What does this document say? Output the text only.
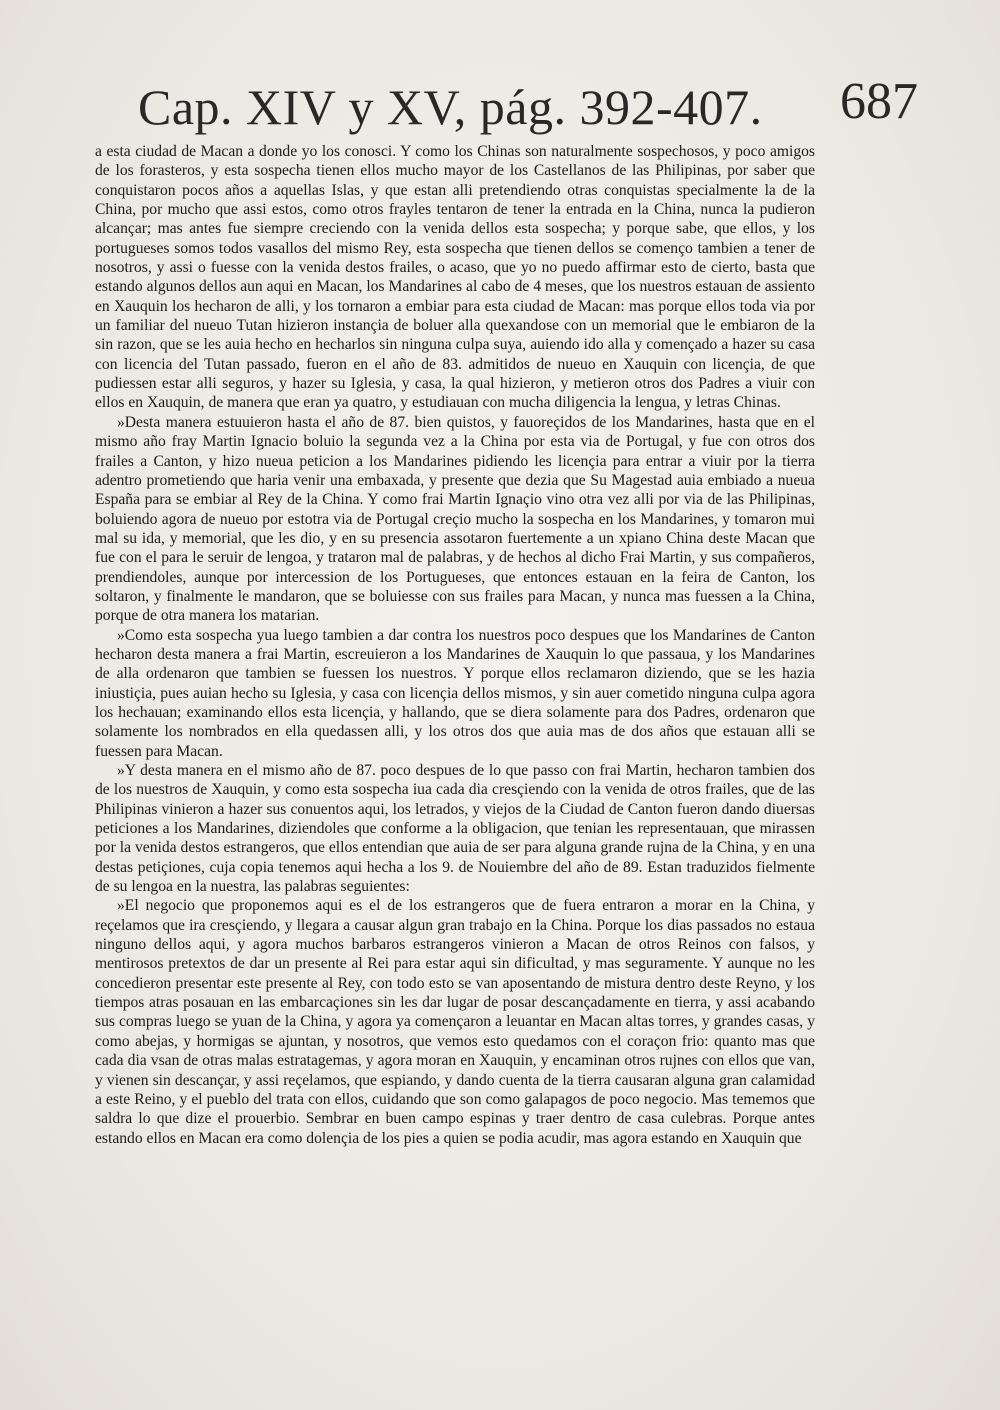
Cap. XIV y XV, pág. 392-407. 687

a esta ciudad de Macan a donde yo los conosci. Y como los Chinas son naturalmente sospechosos, y poco amigos de los forasteros, y esta sospecha tienen ellos mucho mayor de los Castellanos de las Philipinas, por saber que conquistaron pocos años a aquellas Islas, y que estan alli pretendiendo otras conquistas specialmente la de la China, por mucho que assi estos, como otros frayles tentaron de tener la entrada en la China, nunca la pudieron alcançar; mas antes fue siempre creciendo con la venida dellos esta sospecha; y porque sabe, que ellos, y los portugueses somos todos vasallos del mismo Rey, esta sospecha que tienen dellos se començo tambien a tener de nosotros, y assi o fuesse con la venida destos frailes, o acaso, que yo no puedo affirmar esto de cierto, basta que estando algunos dellos aun aqui en Macan, los Mandarines al cabo de 4 meses, que los nuestros estauan de assiento en Xauquin los hecharon de alli, y los tornaron a embiar para esta ciudad de Macan: mas porque ellos toda via por un familiar del nueuo Tutan hizieron instançia de boluer alla quexandose con un memorial que le embiaron de la sin razon, que se les auia hecho en hecharlos sin ninguna culpa suya, auiendo ido alla y començado a hazer su casa con licencia del Tutan passado, fueron en el año de 83. admitidos de nueuo en Xauquin con licençia, de que pudiessen estar alli seguros, y hazer su Iglesia, y casa, la qual hizieron, y metieron otros dos Padres a viuir con ellos en Xauquin, de manera que eran ya quatro, y estudiauan con mucha diligencia la lengua, y letras Chinas.

»Desta manera estuuieron hasta el año de 87. bien quistos, y fauoreçidos de los Mandarines, hasta que en el mismo año fray Martin Ignacio boluio la segunda vez a la China por esta via de Portugal, y fue con otros dos frailes a Canton, y hizo nueua peticion a los Mandarines pidiendo les licençia para entrar a viuir por la tierra adentro prometiendo que haria venir una embaxada, y presente que dezia que Su Magestad auia embiado a nueua España para se embiar al Rey de la China. Y como frai Martin Ignaçio vino otra vez alli por via de las Philipinas, boluiendo agora de nueuo por estotra via de Portugal creçio mucho la sospecha en los Mandarines, y tomaron mui mal su ida, y memorial, que les dio, y en su presencia assotaron fuertemente a un xpiano China deste Macan que fue con el para le seruir de lengoa, y trataron mal de palabras, y de hechos al dicho Frai Martin, y sus compañeros, prendiendoles, aunque por intercession de los Portugueses, que entonces estauan en la feira de Canton, los soltaron, y finalmente le mandaron, que se boluiesse con sus frailes para Macan, y nunca mas fuessen a la China, porque de otra manera los matarian.

»Como esta sospecha yua luego tambien a dar contra los nuestros poco despues que los Mandarines de Canton hecharon desta manera a frai Martin, escreuieron a los Mandarines de Xauquin lo que passaua, y los Mandarines de alla ordenaron que tambien se fuessen los nuestros. Y porque ellos reclamaron diziendo, que se les hazia iniustiçia, pues auian hecho su Iglesia, y casa con licençia dellos mismos, y sin auer cometido ninguna culpa agora los hechauan; examinando ellos esta licençia, y hallando, que se diera solamente para dos Padres, ordenaron que solamente los nombrados en ella quedassen alli, y los otros dos que auia mas de dos años que estauan alli se fuessen para Macan.

»Y desta manera en el mismo año de 87. poco despues de lo que passo con frai Martin, hecharon tambien dos de los nuestros de Xauquin, y como esta sospecha iua cada dia cresçiendo con la venida de otros frailes, que de las Philipinas vinieron a hazer sus conuentos aqui, los letrados, y viejos de la Ciudad de Canton fueron dando diuersas peticiones a los Mandarines, diziendoles que conforme a la obligacion, que tenian les representauan, que mirassen por la venida destos estrangeros, que ellos entendian que auia de ser para alguna grande rujna de la China, y en una destas petiçiones, cuja copia tenemos aqui hecha a los 9. de Nouiembre del año de 89. Estan traduzidos fielmente de su lengoa en la nuestra, las palabras seguientes:

»El negocio que proponemos aqui es el de los estrangeros que de fuera entraron a morar en la China, y reçelamos que ira cresçiendo, y llegara a causar algun gran trabajo en la China. Porque los dias passados no estaua ninguno dellos aqui, y agora muchos barbaros estrangeros vinieron a Macan de otros Reinos con falsos, y mentirosos pretextos de dar un presente al Rei para estar aqui sin dificultad, y mas seguramente. Y aunque no les concedieron presentar este presente al Rey, con todo esto se van aposentando de mistura dentro deste Reyno, y los tiempos atras posauan en las embarcaçiones sin les dar lugar de posar descançadamente en tierra, y assi acabando sus compras luego se yuan de la China, y agora ya començaron a leuantar en Macan altas torres, y grandes casas, y como abejas, y hormigas se ajuntan, y nosotros, que vemos esto quedamos con el coraçon frio: quanto mas que cada dia vsan de otras malas estratagemas, y agora moran en Xauquin, y encaminan otros rujnes con ellos que van, y vienen sin descançar, y assi reçelamos, que espiando, y dando cuenta de la tierra causaran alguna gran calamidad a este Reino, y el pueblo del trata con ellos, cuidando que son como galapagos de poco negocio. Mas tememos que saldra lo que dize el prouerbio. Sembrar en buen campo espinas y traer dentro de casa culebras. Porque antes estando ellos en Macan era como dolençia de los pies a quien se podia acudir, mas agora estando en Xauquin que
